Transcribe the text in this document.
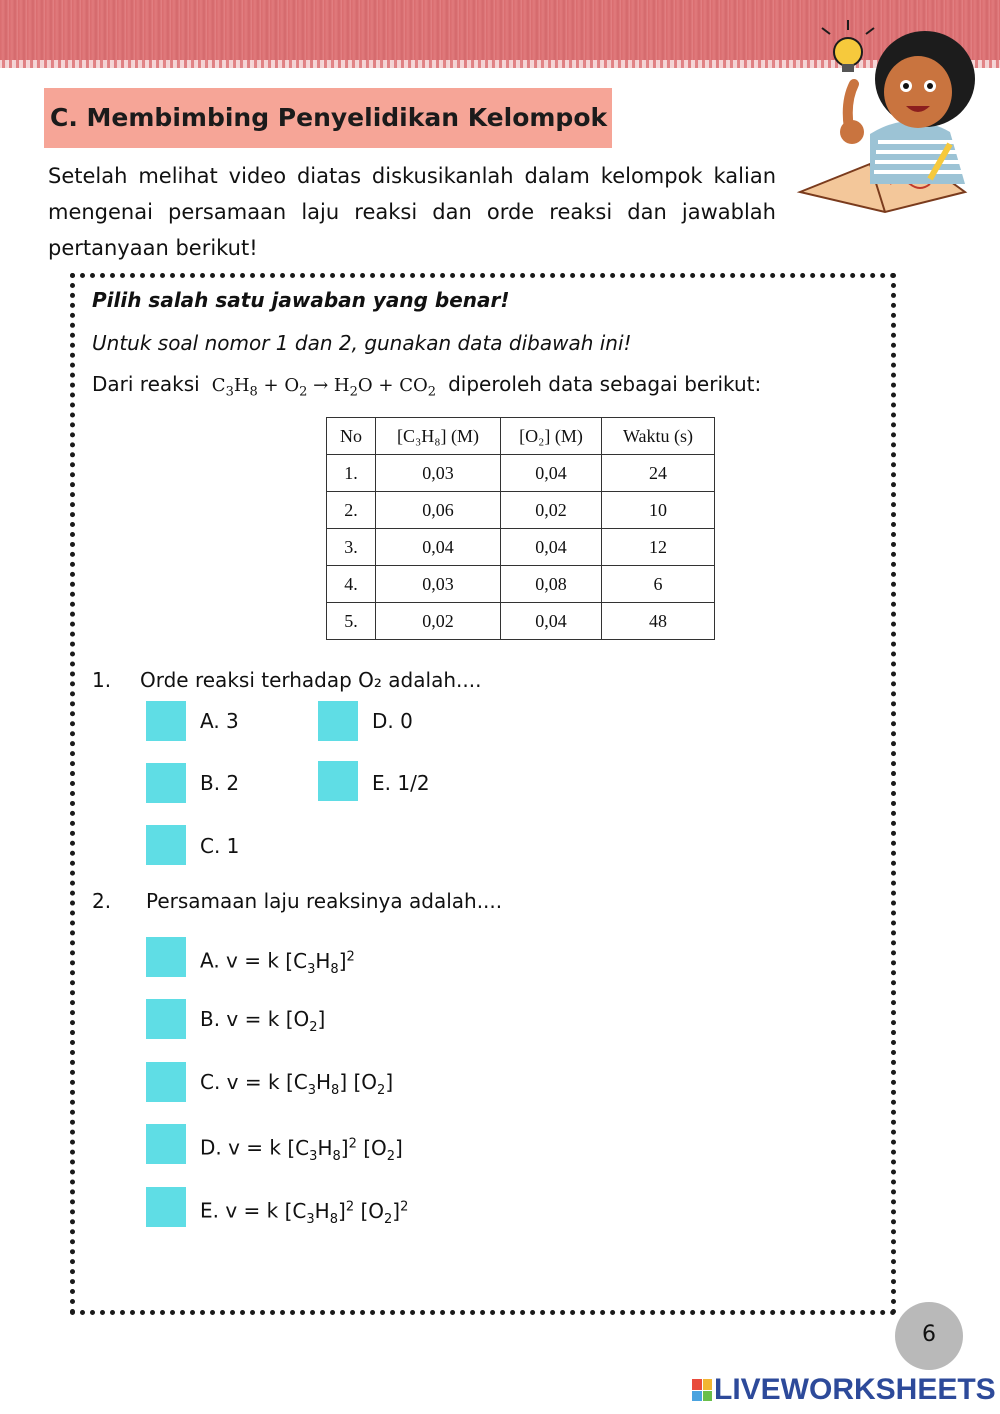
C. Membimbing Penyelidikan Kelompok
Setelah melihat video diatas diskusikanlah dalam kelompok kalian mengenai persamaan laju reaksi dan orde reaksi dan jawablah pertanyaan berikut!
Pilih salah satu jawaban yang benar!
Untuk soal nomor 1 dan 2, gunakan data dibawah ini!
Dari reaksi  $C_3H_8 + O_2 \to H_2O + CO_2$ diperoleh data sebagai berikut:
No	[C₃H₈] (M)	[O₂] (M)	Waktu (s)
1.	0,03	0,04	24
2.	0,06	0,02	10
3.	0,04	0,04	12
4.	0,03	0,08	6
5.	0,02	0,04	48
1. Orde reaksi terhadap O₂ adalah....
A. 3	D. 0
B. 2	E. 1/2
C. 1
2. Persamaan laju reaksinya adalah....
A. v = k $[C_3H_8]^2$
B. v = k $[O_2]$
C. v = k $[C_3H_8]$ $[O_2]$
D. v = k $[C_3H_8]^2$ $[O_2]$
E. v = k $[C_3H_8]^2$ $[O_2]^2$
6
LIVEWORKSHEETS
